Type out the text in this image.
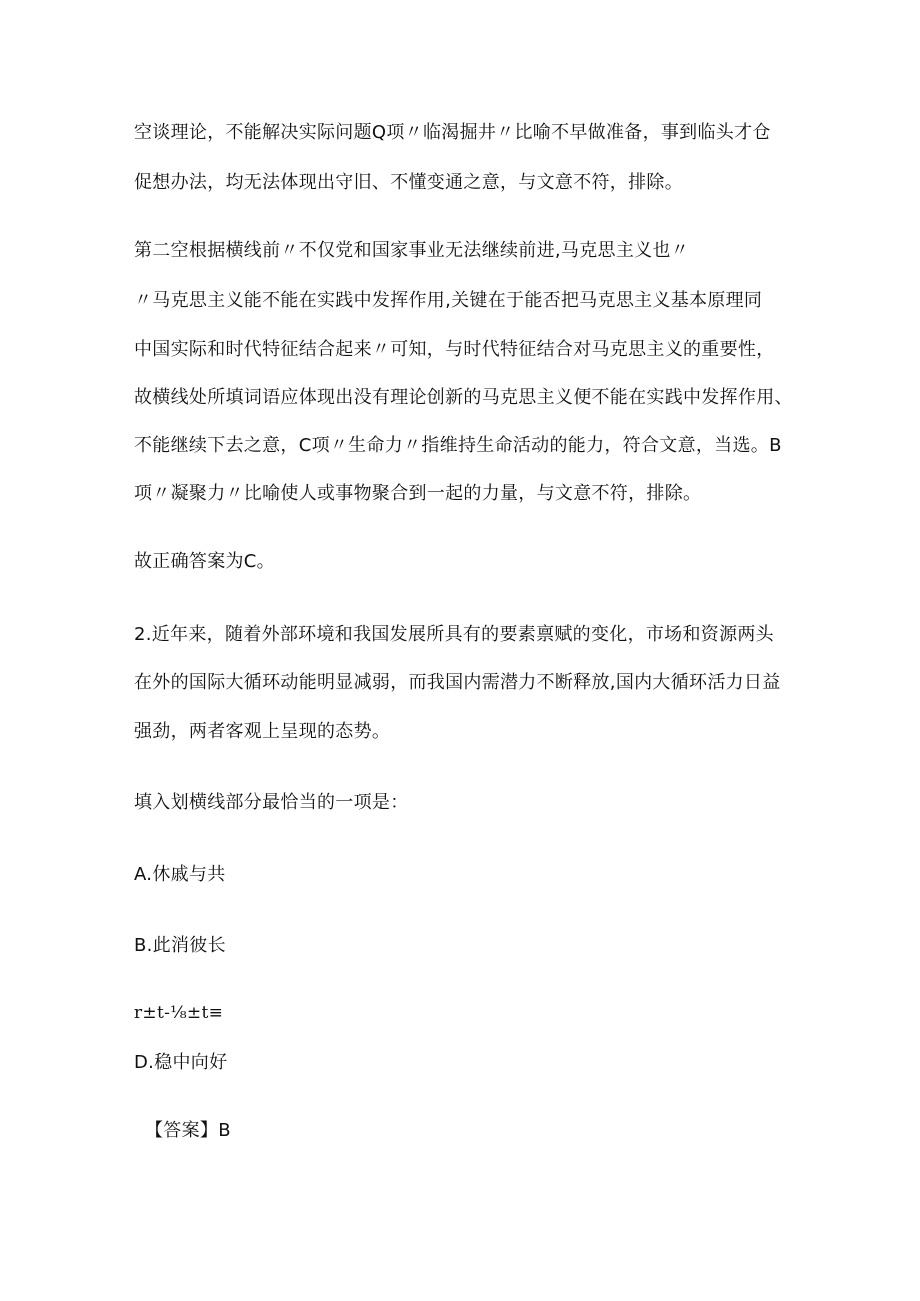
空谈理论，不能解决实际问题Q项〃临渴掘井〃比喻不早做准备，事到临头才仓
促想办法，均无法体现出守旧、不懂变通之意，与文意不符，排除。
第二空根据横线前〃不仅党和国家事业无法继续前进,马克思主义也〃
〃马克思主义能不能在实践中发挥作用,关键在于能否把马克思主义基本原理同
中国实际和时代特征结合起来〃可知，与时代特征结合对马克思主义的重要性，
故横线处所填词语应体现出没有理论创新的马克思主义便不能在实践中发挥作用、
不能继续下去之意，C项〃生命力〃指维持生命活动的能力，符合文意，当选。B
项〃凝聚力〃比喻使人或事物聚合到一起的力量，与文意不符，排除。
故正确答案为C。
2.近年来，随着外部环境和我国发展所具有的要素禀赋的变化，市场和资源两头
在外的国际大循环动能明显减弱，而我国内需潜力不断释放,国内大循环活力日益
强劲，两者客观上呈现的态势。
填入划横线部分最恰当的一项是：
A.休戚与共
B.此消彼长
r±t-⅛±t≡
D.稳中向好
【答案】B
